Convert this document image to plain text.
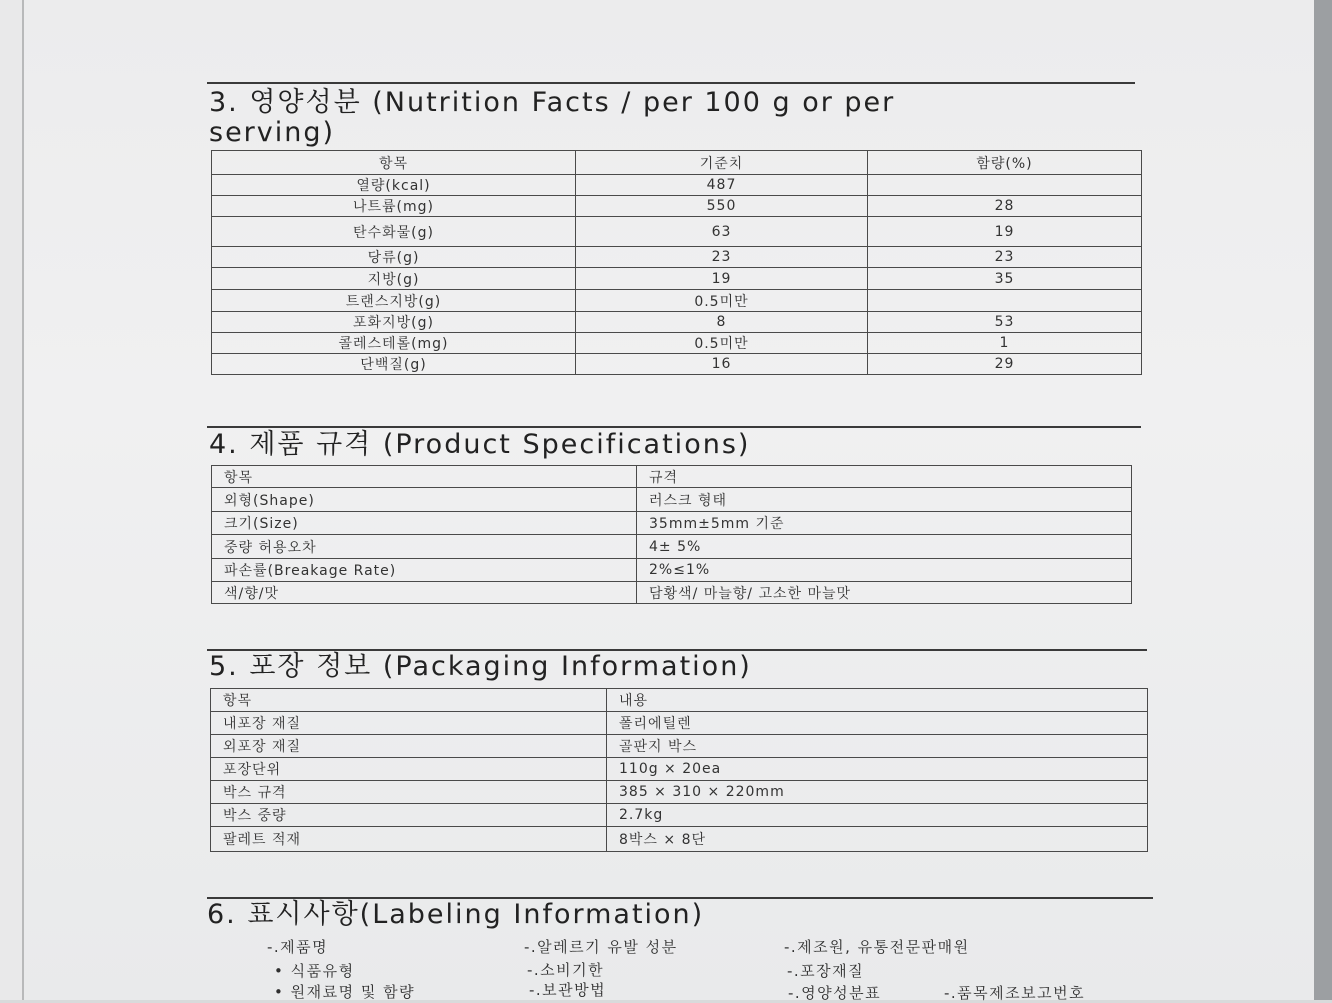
3. 영양성분 (Nutrition Facts / per 100 g or per
serving)
항목	기준치	함량(%)
열량(kcal)	487	
나트륨(mg)	550	28
탄수화물(g)	63	19
당류(g)	23	23
지방(g)	19	35
트랜스지방(g)	0.5미만	
포화지방(g)	8	53
콜레스테롤(mg)	0.5미만	1
단백질(g)	16	29
4. 제품 규격 (Product Specifications)
항목	규격
외형(Shape)	러스크 형태
크기(Size)	35mm±5mm 기준
중량 허용오차	4± 5%
파손률(Breakage Rate)	2%≤1%
색/향/맛	담황색/ 마늘향/ 고소한 마늘맛
5. 포장 정보 (Packaging Information)
항목	내용
내포장 재질	폴리에틸렌
외포장 재질	골판지 박스
포장단위	110g × 20ea
박스 규격	385 × 310 × 220mm
박스 중량	2.7kg
팔레트 적재	8박스 × 8단
6. 표시사항(Labeling Information)
-.제품명	-.알레르기 유발 성분	-.제조원, 유통전문판매원
• 식품유형	-.소비기한	-.포장재질
• 원재료명 및 함량	-.보관방법	-.영양성분표	-.품목제조보고번호
